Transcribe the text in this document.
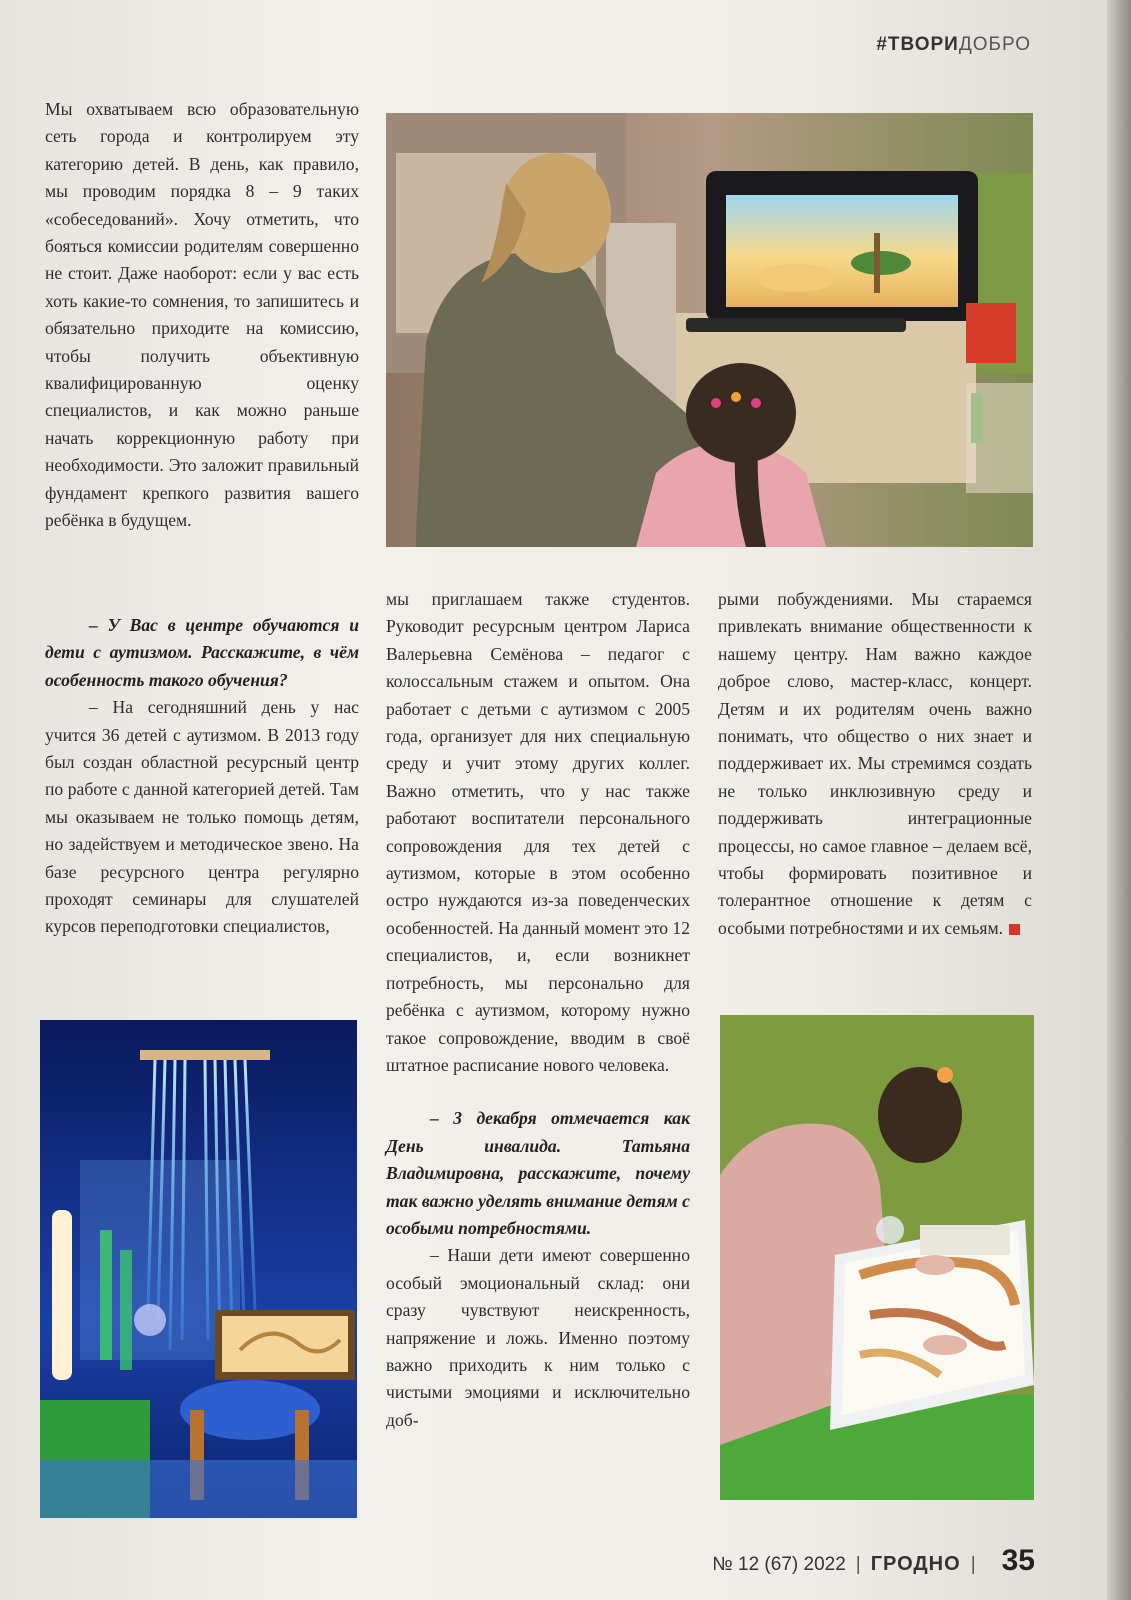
#ТВОРИДОБРО

Мы охватываем всю образовательную сеть города и контролируем эту категорию детей. В день, как правило, мы проводим порядка 8 – 9 таких «собеседований». Хочу отметить, что бояться комиссии родителям совершенно не стоит. Даже наоборот: если у вас есть хоть какие-то сомнения, то запишитесь и обязательно приходите на комиссию, чтобы получить объективную квалифицированную оценку специалистов, и как можно раньше начать коррекционную работу при необходимости. Это заложит правильный фундамент крепкого развития вашего ребёнка в будущем.

– У Вас в центре обучаются и дети с аутизмом. Расскажите, в чём особенность такого обучения?

– На сегодняшний день у нас учится 36 детей с аутизмом. В 2013 году был создан областной ресурсный центр по работе с данной категорией детей. Там мы оказываем не только помощь детям, но задействуем и методическое звено. На базе ресурсного центра регулярно проходят семинары для слушателей курсов переподготовки специалистов,

мы приглашаем также студентов. Руководит ресурсным центром Лариса Валерьевна Семёнова – педагог с колоссальным стажем и опытом. Она работает с детьми с аутизмом с 2005 года, организует для них специальную среду и учит этому других коллег. Важно отметить, что у нас также работают воспитатели персонального сопровождения для тех детей с аутизмом, которые в этом особенно остро нуждаются из-за поведенческих особенностей. На данный момент это 12 специалистов, и, если возникнет потребность, мы персонально для ребёнка с аутизмом, которому нужно такое сопровождение, вводим в своё штатное расписание нового человека.

– 3 декабря отмечается как День инвалида. Татьяна Владимировна, расскажите, почему так важно уделять внимание детям с особыми потребностями.

– Наши дети имеют совершенно особый эмоциональный склад: они сразу чувствуют неискренность, напряжение и ложь. Именно поэтому важно приходить к ним только с чистыми эмоциями и исключительно доб-

рыми побуждениями. Мы стараемся привлекать внимание общественности к нашему центру. Нам важно каждое доброе слово, мастер-класс, концерт. Детям и их родителям очень важно понимать, что общество о них знает и поддерживает их. Мы стремимся создать не только инклюзивную среду и поддерживать интеграционные процессы, но самое главное – делаем всё, чтобы формировать позитивное и толерантное отношение к детям с особыми потребностями и их семьям.

№ 12 (67) 2022 | ГРОДНО | 35
